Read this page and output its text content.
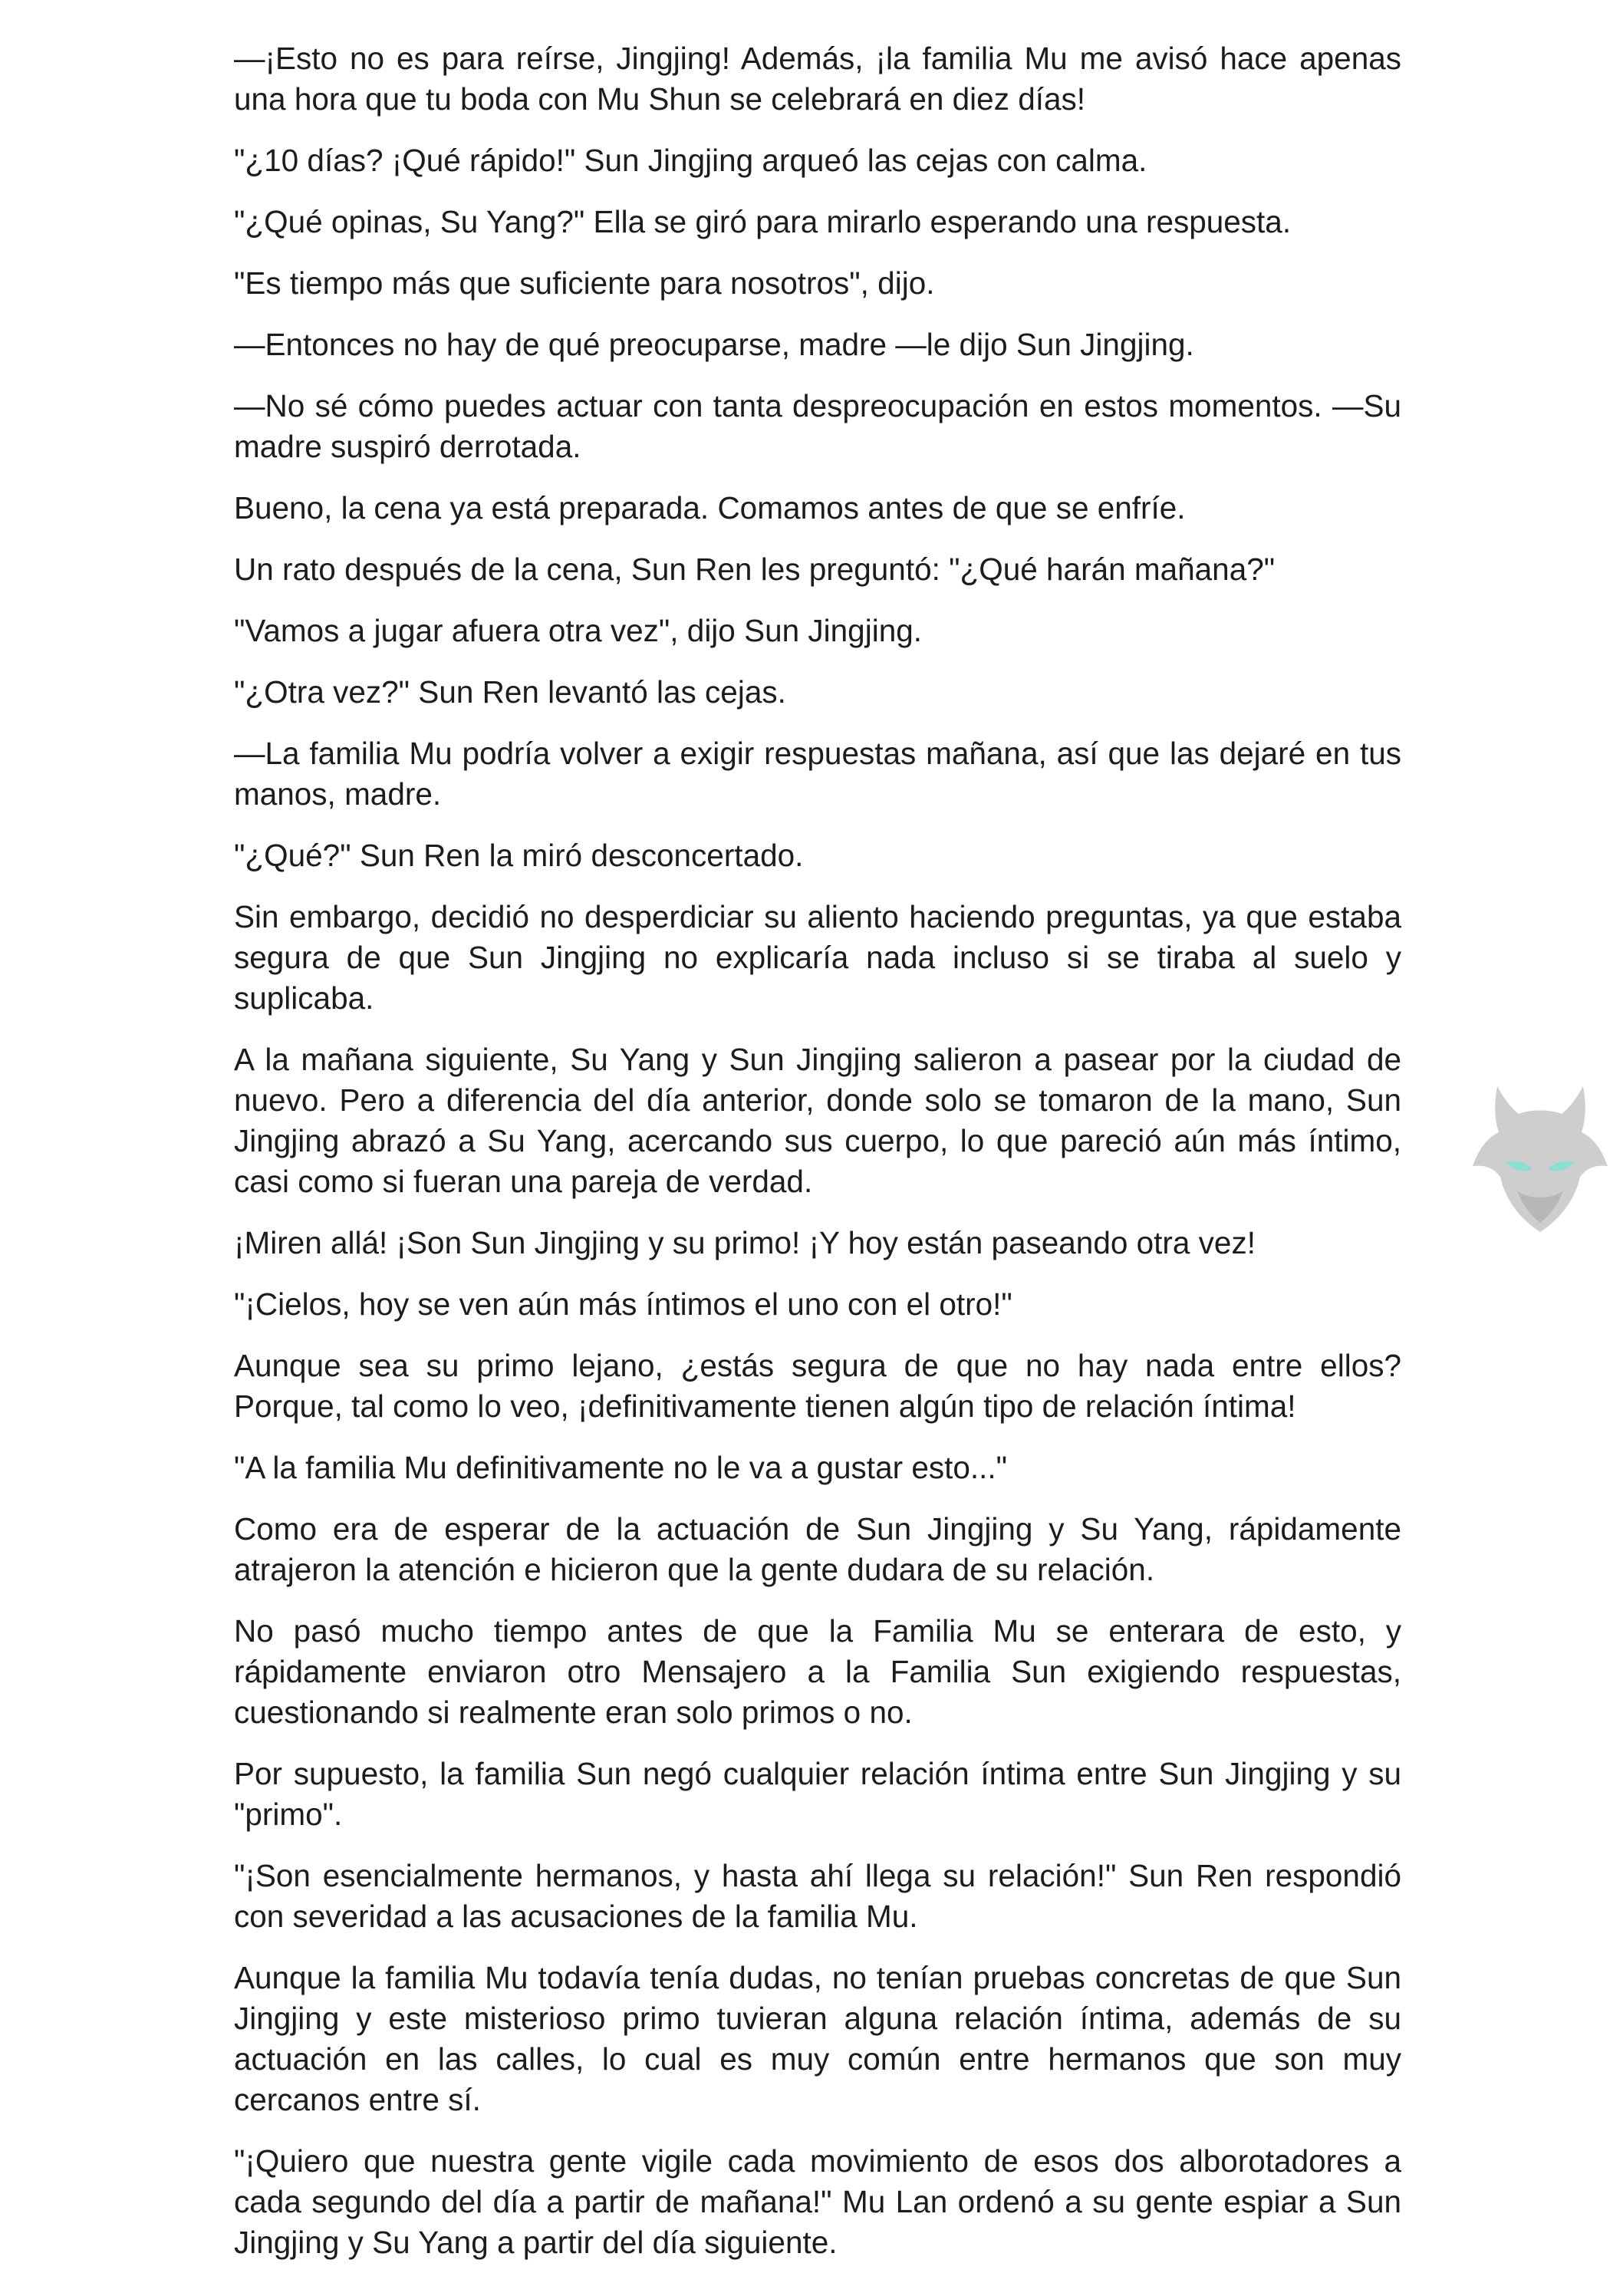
—¡Esto no es para reírse, Jingjing! Además, ¡la familia Mu me avisó hace apenas una hora que tu boda con Mu Shun se celebrará en diez días!

"¿10 días? ¡Qué rápido!" Sun Jingjing arqueó las cejas con calma.

"¿Qué opinas, Su Yang?" Ella se giró para mirarlo esperando una respuesta.

"Es tiempo más que suficiente para nosotros", dijo.

—Entonces no hay de qué preocuparse, madre —le dijo Sun Jingjing.

—No sé cómo puedes actuar con tanta despreocupación en estos momentos. —Su madre suspiró derrotada.

Bueno, la cena ya está preparada. Comamos antes de que se enfríe.

Un rato después de la cena, Sun Ren les preguntó: "¿Qué harán mañana?"

"Vamos a jugar afuera otra vez", dijo Sun Jingjing.

"¿Otra vez?" Sun Ren levantó las cejas.

—La familia Mu podría volver a exigir respuestas mañana, así que las dejaré en tus manos, madre.

"¿Qué?" Sun Ren la miró desconcertado.

Sin embargo, decidió no desperdiciar su aliento haciendo preguntas, ya que estaba segura de que Sun Jingjing no explicaría nada incluso si se tiraba al suelo y suplicaba.

A la mañana siguiente, Su Yang y Sun Jingjing salieron a pasear por la ciudad de nuevo. Pero a diferencia del día anterior, donde solo se tomaron de la mano, Sun Jingjing abrazó a Su Yang, acercando sus cuerpo, lo que pareció aún más íntimo, casi como si fueran una pareja de verdad.

¡Miren allá! ¡Son Sun Jingjing y su primo! ¡Y hoy están paseando otra vez!

"¡Cielos, hoy se ven aún más íntimos el uno con el otro!"

Aunque sea su primo lejano, ¿estás segura de que no hay nada entre ellos? Porque, tal como lo veo, ¡definitivamente tienen algún tipo de relación íntima!

"A la familia Mu definitivamente no le va a gustar esto..."

Como era de esperar de la actuación de Sun Jingjing y Su Yang, rápidamente atrajeron la atención e hicieron que la gente dudara de su relación.

No pasó mucho tiempo antes de que la Familia Mu se enterara de esto, y rápidamente enviaron otro Mensajero a la Familia Sun exigiendo respuestas, cuestionando si realmente eran solo primos o no.

Por supuesto, la familia Sun negó cualquier relación íntima entre Sun Jingjing y su "primo".

"¡Son esencialmente hermanos, y hasta ahí llega su relación!" Sun Ren respondió con severidad a las acusaciones de la familia Mu.

Aunque la familia Mu todavía tenía dudas, no tenían pruebas concretas de que Sun Jingjing y este misterioso primo tuvieran alguna relación íntima, además de su actuación en las calles, lo cual es muy común entre hermanos que son muy cercanos entre sí.

"¡Quiero que nuestra gente vigile cada movimiento de esos dos alborotadores a cada segundo del día a partir de mañana!" Mu Lan ordenó a su gente espiar a Sun Jingjing y Su Yang a partir del día siguiente.
